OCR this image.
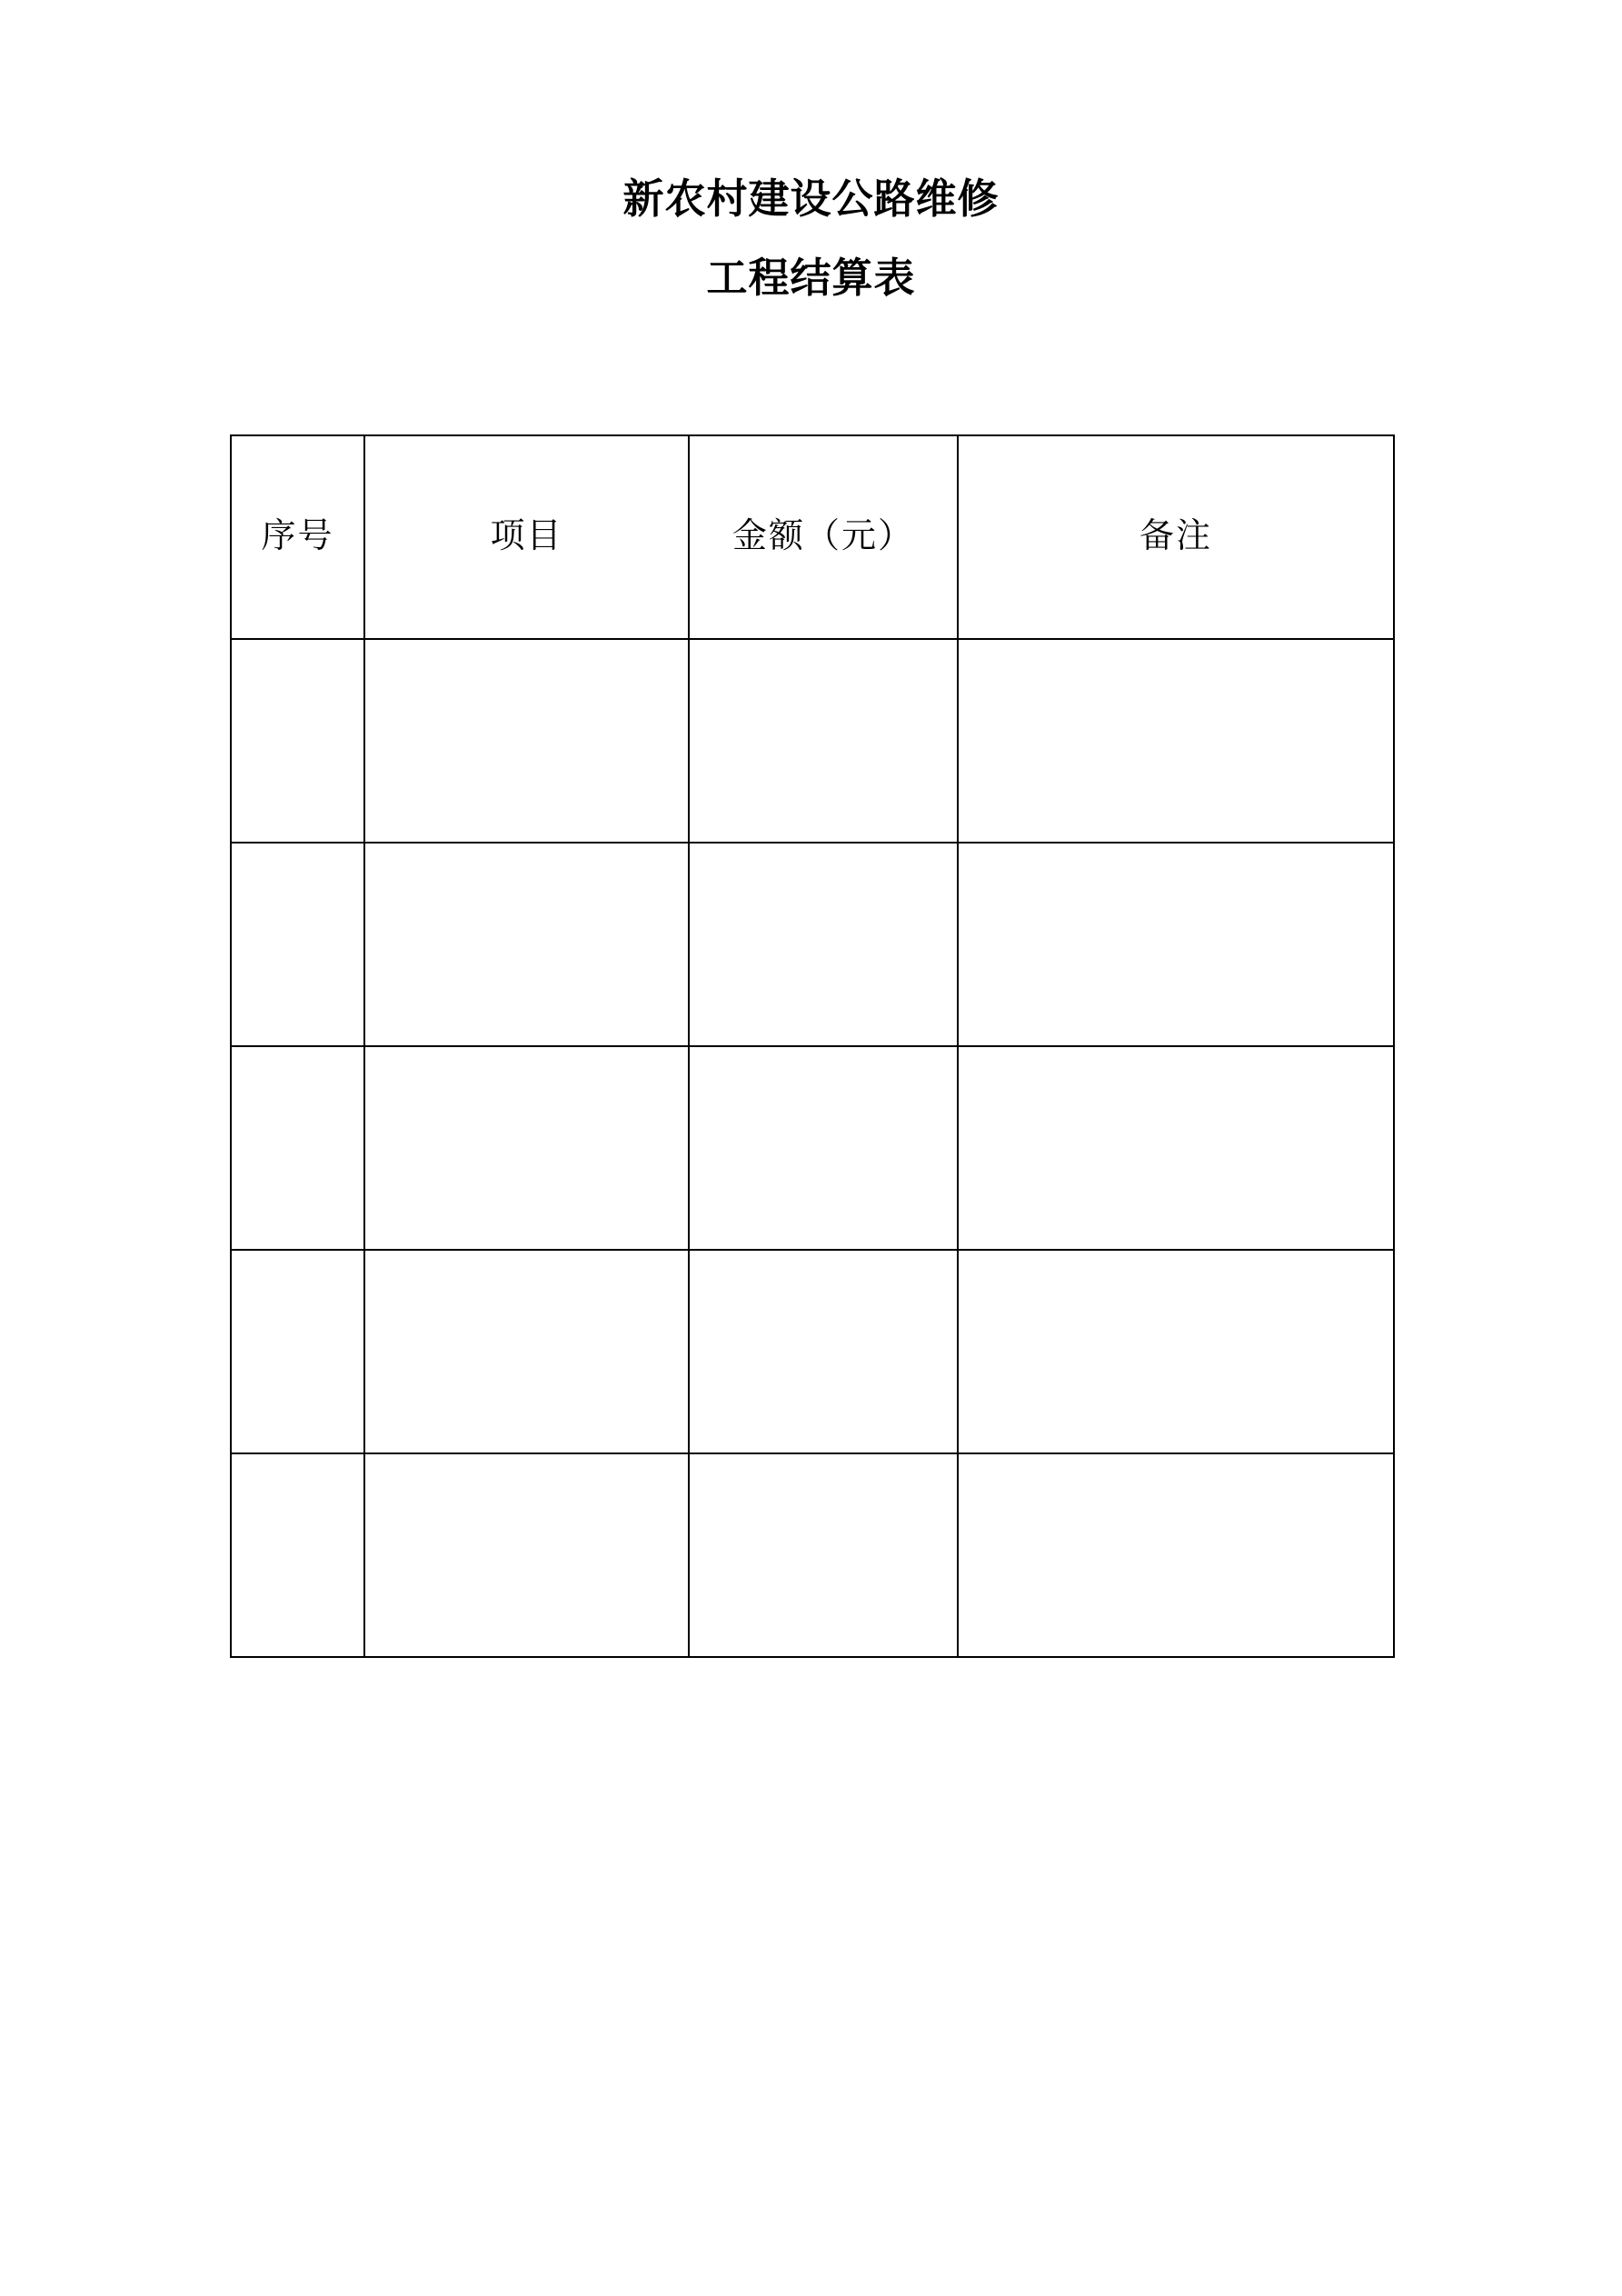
新农村建设公路维修
工程结算表
序号	项目	金额（元）	备注
